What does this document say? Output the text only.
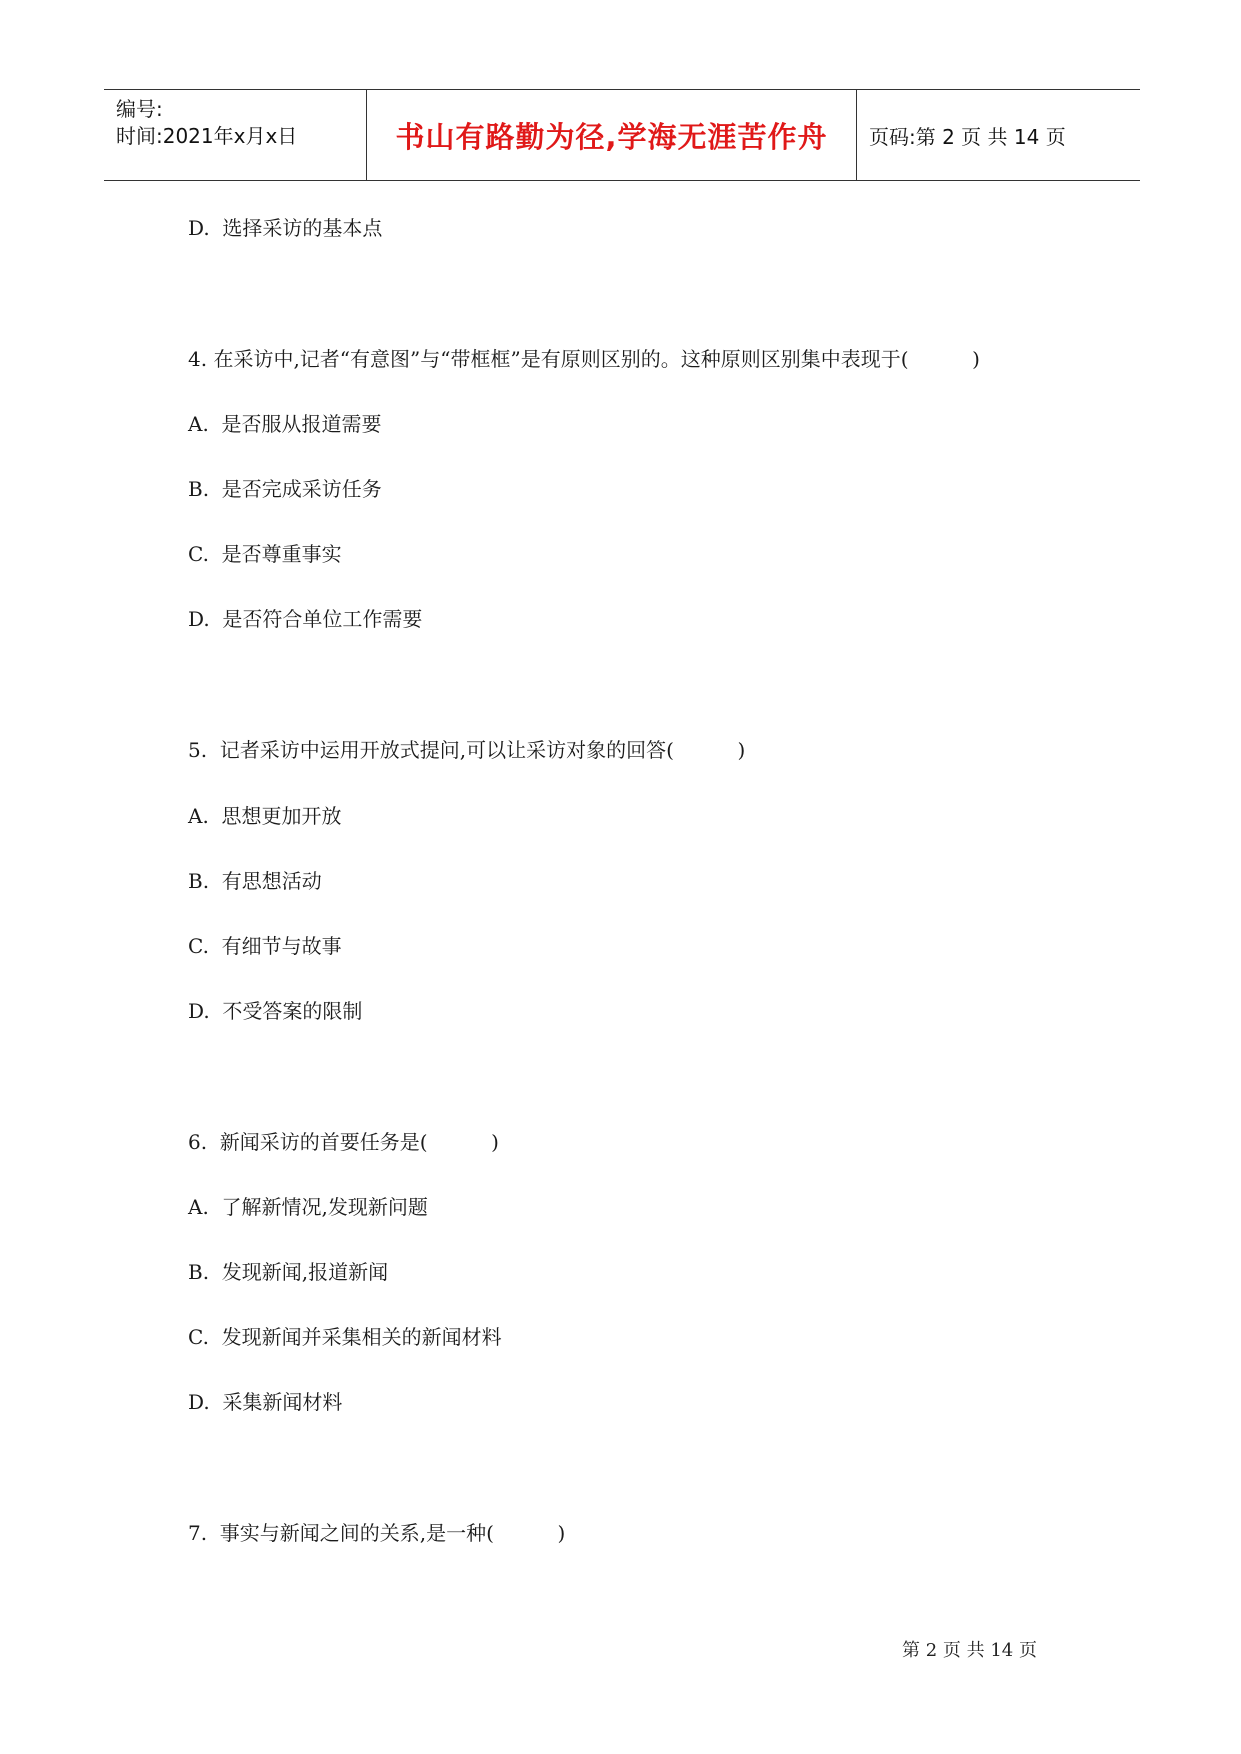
编号:
时间:2021年x月x日	书山有路勤为径,学海无涯苦作舟 页码:第 2 页 共 14 页
D.  选择采访的基本点
4. 在采访中,记者“有意图”与“带框框”是有原则区别的。这种原则区别集中表现于(          )
A.  是否服从报道需要
B.  是否完成采访任务
C.  是否尊重事实
D.  是否符合单位工作需要
5.  记者采访中运用开放式提问,可以让采访对象的回答(          )
A.  思想更加开放
B.  有思想活动
C.  有细节与故事
D.  不受答案的限制
6.  新闻采访的首要任务是(          )
A.  了解新情况,发现新问题
B.  发现新闻,报道新闻
C.  发现新闻并采集相关的新闻材料
D.  采集新闻材料
7.  事实与新闻之间的关系,是一种(          )
第 2 页 共 14 页
